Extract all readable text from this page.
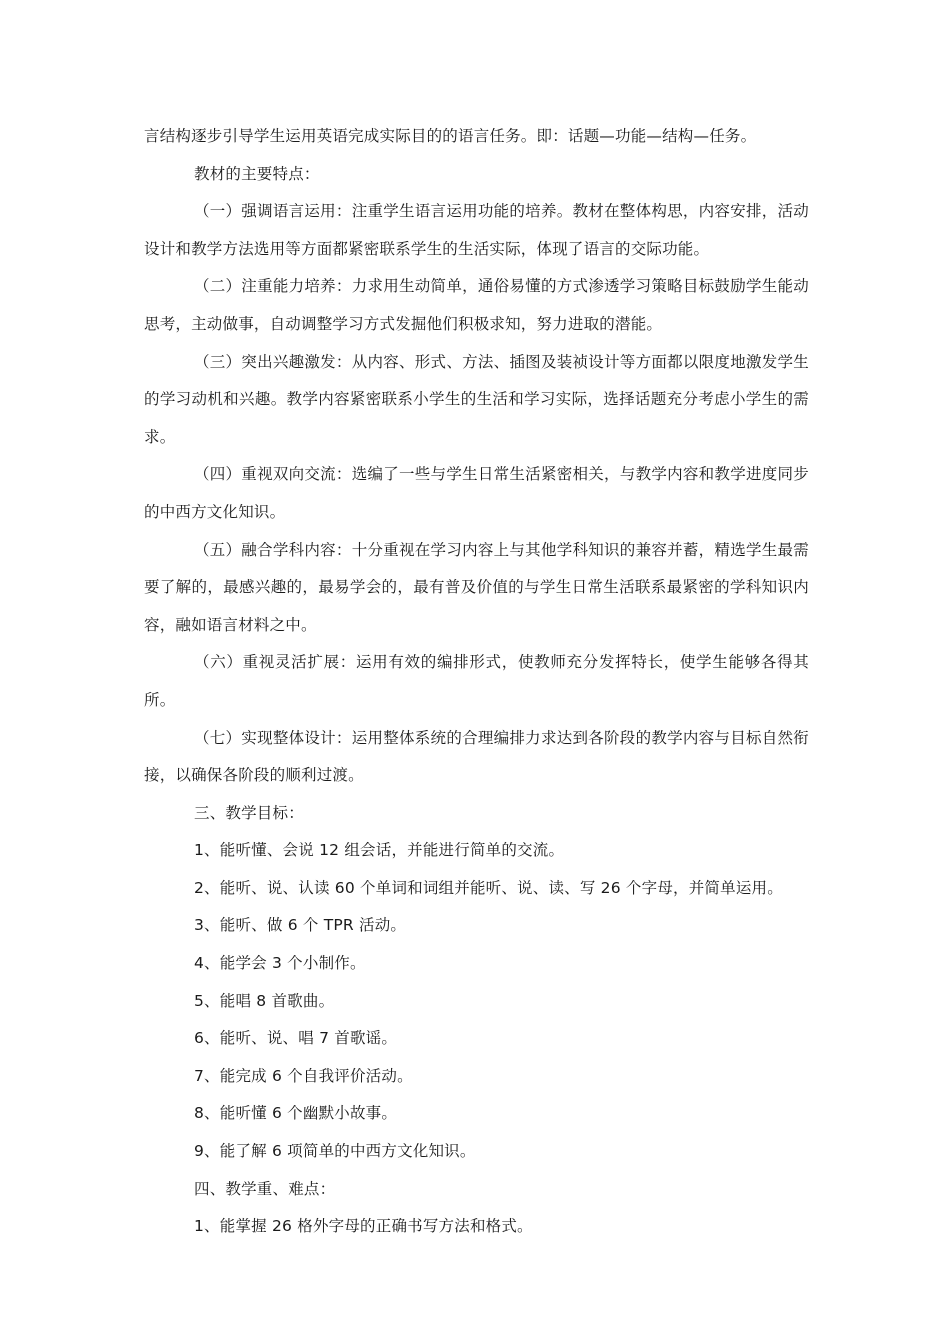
言结构逐步引导学生运用英语完成实际目的的语言任务。即：话题—功能—结构—任务。

教材的主要特点：

（一）强调语言运用：注重学生语言运用功能的培养。教材在整体构思，内容安排，活动设计和教学方法选用等方面都紧密联系学生的生活实际，体现了语言的交际功能。

（二）注重能力培养：力求用生动简单，通俗易懂的方式渗透学习策略目标鼓励学生能动思考，主动做事，自动调整学习方式发掘他们积极求知，努力进取的潜能。

（三）突出兴趣激发：从内容、形式、方法、插图及装祯设计等方面都以限度地激发学生的学习动机和兴趣。教学内容紧密联系小学生的生活和学习实际，选择话题充分考虑小学生的需求。

（四）重视双向交流：选编了一些与学生日常生活紧密相关，与教学内容和教学进度同步的中西方文化知识。

（五）融合学科内容：十分重视在学习内容上与其他学科知识的兼容并蓄，精选学生最需要了解的，最感兴趣的，最易学会的，最有普及价值的与学生日常生活联系最紧密的学科知识内容，融如语言材料之中。

（六）重视灵活扩展：运用有效的编排形式，使教师充分发挥特长，使学生能够各得其所。

（七）实现整体设计：运用整体系统的合理编排力求达到各阶段的教学内容与目标自然衔接，以确保各阶段的顺利过渡。

三、教学目标：

1、能听懂、会说 12 组会话，并能进行简单的交流。

2、能听、说、认读 60 个单词和词组并能听、说、读、写 26 个字母，并简单运用。

3、能听、做 6 个 TPR 活动。

4、能学会 3 个小制作。

5、能唱 8 首歌曲。

6、能听、说、唱 7 首歌谣。

7、能完成 6 个自我评价活动。

8、能听懂 6 个幽默小故事。

9、能了解 6 项简单的中西方文化知识。

四、教学重、难点：

1、能掌握 26 格外字母的正确书写方法和格式。
